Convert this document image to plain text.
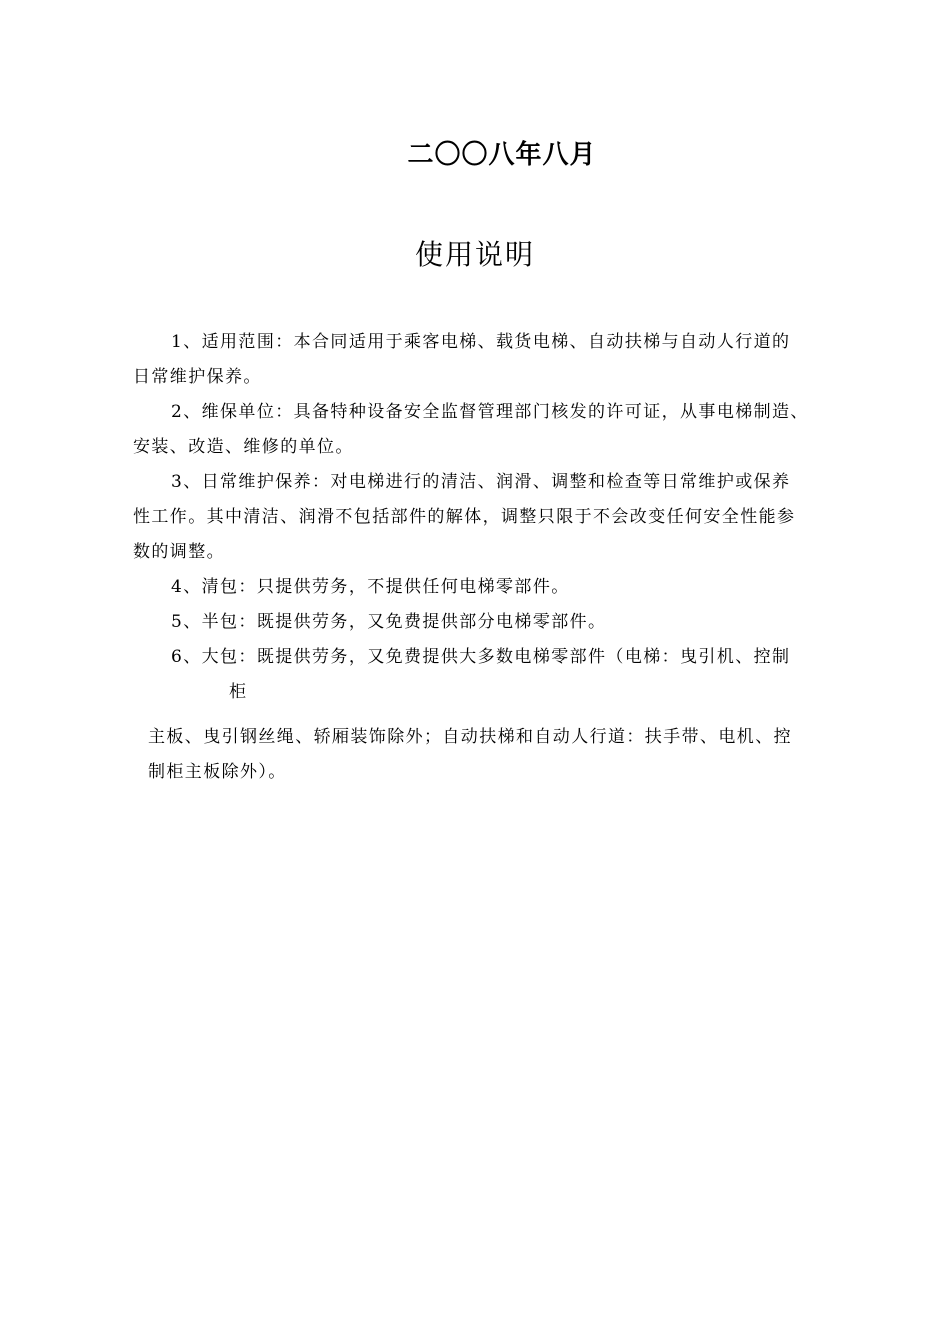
二〇〇八年八月
使用说明
1、适用范围：本合同适用于乘客电梯、载货电梯、自动扶梯与自动人行道的
日常维护保养。
2、维保单位：具备特种设备安全监督管理部门核发的许可证，从事电梯制造、
安装、改造、维修的单位。
3、日常维护保养：对电梯进行的清洁、润滑、调整和检查等日常维护或保养
性工作。其中清洁、润滑不包括部件的解体，调整只限于不会改变任何安全性能参
数的调整。
4、清包：只提供劳务，不提供任何电梯零部件。
5、半包：既提供劳务，又免费提供部分电梯零部件。
6、大包：既提供劳务，又免费提供大多数电梯零部件（电梯：曳引机、控制
柜
主板、曳引钢丝绳、轿厢装饰除外；自动扶梯和自动人行道：扶手带、电机、控
制柜主板除外）。
